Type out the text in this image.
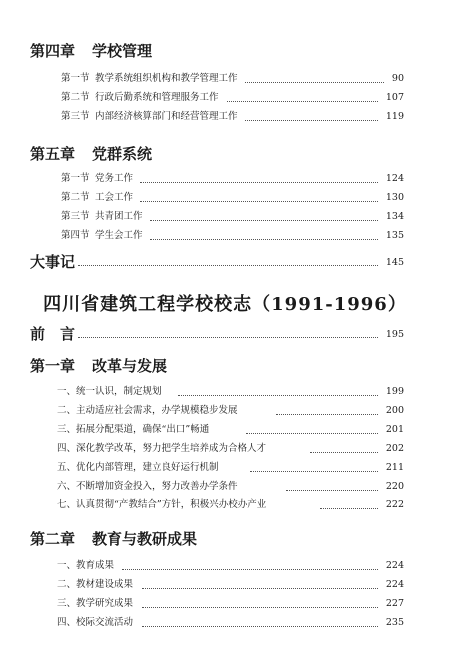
第四章 学校管理
第一节 教学系统组织机构和教学管理工作	90
第二节 行政后勤系统和管理服务工作	107
第三节 内部经济核算部门和经营管理工作	119
第五章 党群系统
第一节 党务工作	124
第二节 工会工作	130
第三节 共青团工作	134
第四节 学生会工作	135
大事记	145
四川省建筑工程学校校志（1991-1996）
前　言	195
第一章 改革与发展
一、统一认识，制定规划	199
二、主动适应社会需求，办学规模稳步发展	200
三、拓展分配渠道，确保“出口”畅通	201
四、深化教学改革，努力把学生培养成为合格人才	202
五、优化内部管理，建立良好运行机制	211
六、不断增加资金投入，努力改善办学条件	220
七、认真贯彻“产教结合”方针，积极兴办校办产业	222
第二章 教育与教研成果
一、教育成果	224
二、教材建设成果	224
三、教学研究成果	227
四、校际交流活动	235
